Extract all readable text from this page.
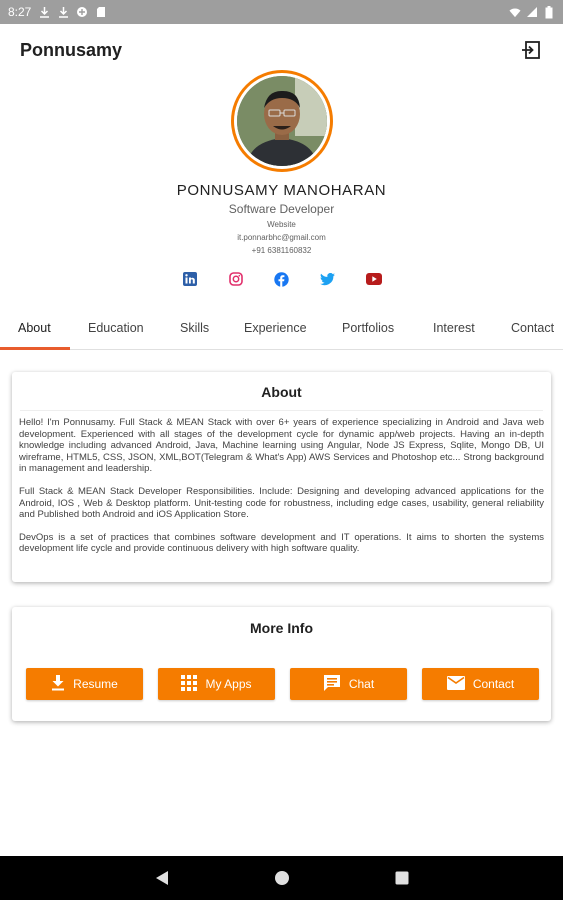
8:27
Ponnusamy
PONNUSAMY MANOHARAN
Software Developer
Website
it.ponnarbhc@gmail.com
+91 6381160832
About	Education	Skills	Experience	Portfolios	Interest	Contact
About

Hello! I'm Ponnusamy. Full Stack & MEAN Stack with over 6+ years of experience specializing in Android and Java web development. Experienced with all stages of the development cycle for dynamic app/web projects. Having an in-depth knowledge including advanced Android, Java, Machine learning using Angular, Node JS Express, Sqlite, Mongo DB, UI wireframe, HTML5, CSS, JSON, XML,BOT(Telegram & What's App) AWS Services and Photoshop etc... Strong background in management and leadership.

Full Stack & MEAN Stack Developer Responsibilities. Include: Designing and developing advanced applications for the Android, IOS , Web & Desktop platform. Unit-testing code for robustness, including edge cases, usability, general reliability and Published both Android and iOS Application Store.

DevOps is a set of practices that combines software development and IT operations. It aims to shorten the systems development life cycle and provide continuous delivery with high software quality.

More Info
Resume	My Apps	Chat	Contact
